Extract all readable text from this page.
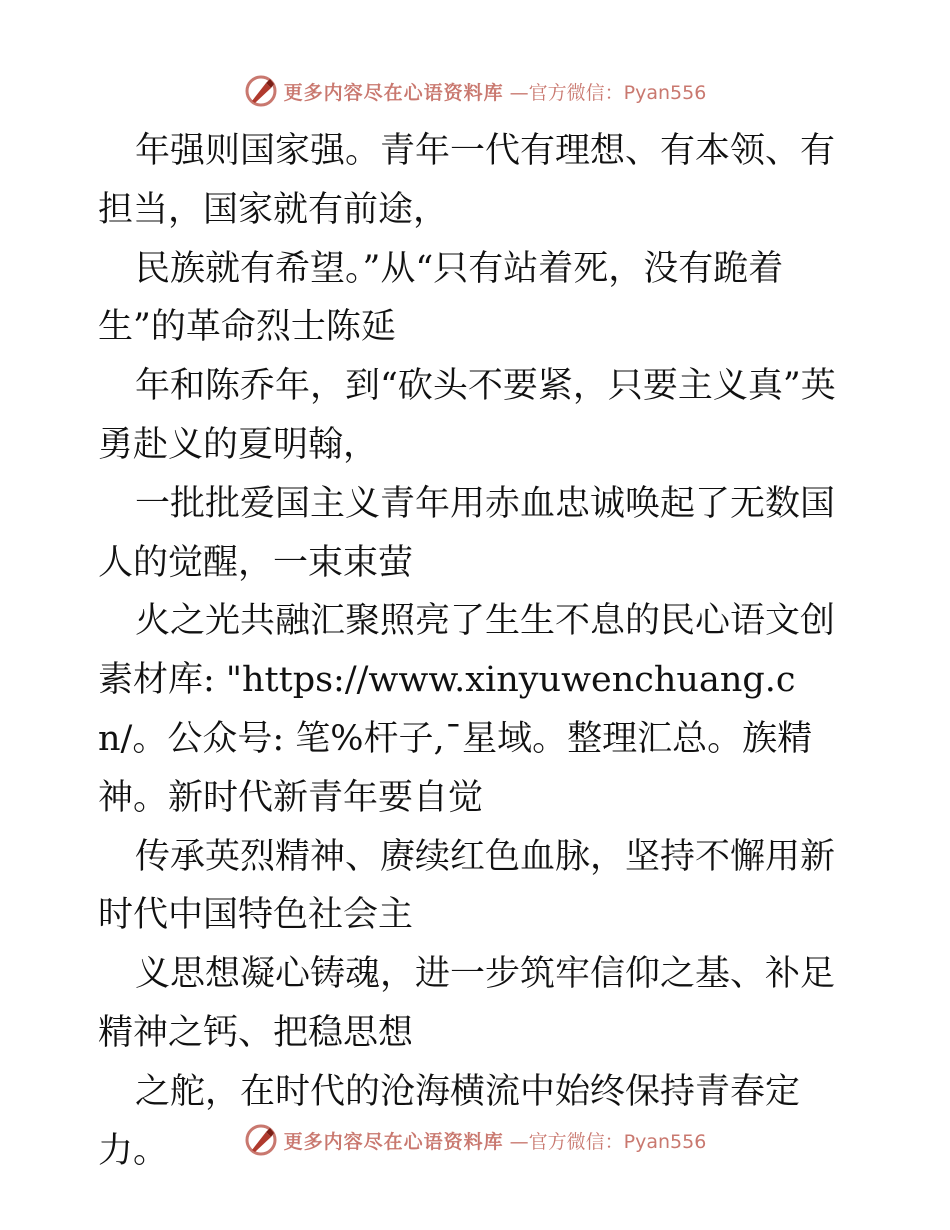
更多内容尽在心语资料库 —官方微信：Pyan556

年强则国家强。青年一代有理想、有本领、有担当，国家就有前途，

民族就有希望。”从“只有站着死，没有跪着生”的革命烈士陈延

年和陈乔年，到“砍头不要紧，只要主义真”英勇赴义的夏明翰，

一批批爱国主义青年用赤血忠诚唤起了无数国人的觉醒，一束束萤

火之光共融汇聚照亮了生生不息的民心语文创素材库: "https://www.xinyuwenchuang.cn/。公众号: 笔%杆子,¯星域。整理汇总。族精神。新时代新青年要自觉

传承英烈精神、赓续红色血脉，坚持不懈用新时代中国特色社会主

义思想凝心铸魂，进一步筑牢信仰之基、补足精神之钙、把稳思想

之舵，在时代的沧海横流中始终保持青春定力。	更多内容尽在心语资料库 —官方微信：Pyan556
